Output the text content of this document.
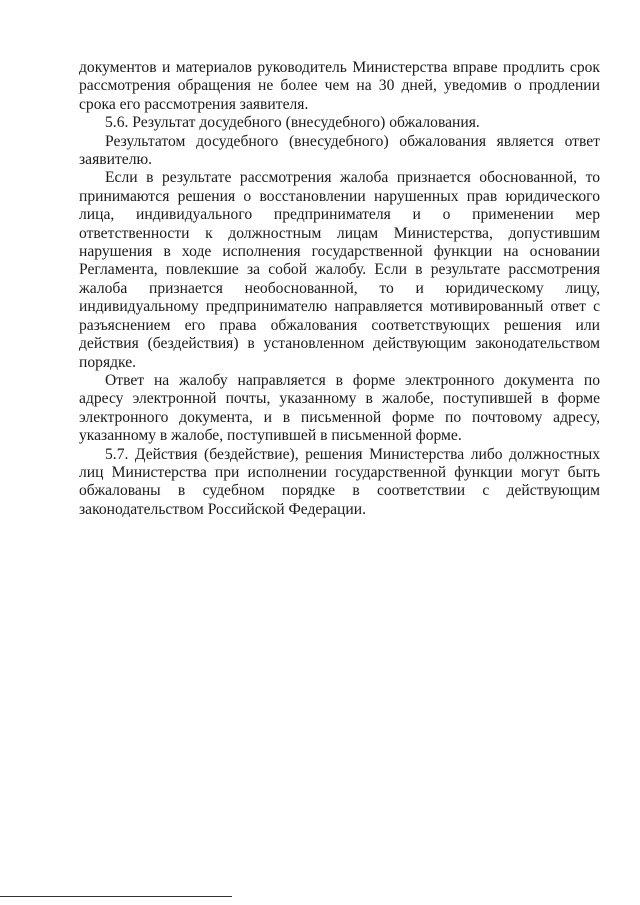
документов и материалов руководитель Министерства вправе продлить срок рассмотрения обращения не более чем на 30 дней, уведомив о продлении срока его рассмотрения заявителя.

5.6. Результат досудебного (внесудебного) обжалования.

Результатом досудебного (внесудебного) обжалования является ответ заявителю.

Если в результате рассмотрения жалоба признается обоснованной, то принимаются решения о восстановлении нарушенных прав юридического лица, индивидуального предпринимателя и о применении мер ответственности к должностным лицам Министерства, допустившим нарушения в ходе исполнения государственной функции на основании Регламента, повлекшие за собой жалобу. Если в результате рассмотрения жалоба признается необоснованной, то и юридическому лицу, индивидуальному предпринимателю направляется мотивированный ответ с разъяснением его права обжалования соответствующих решения или действия (бездействия) в установленном действующим законодательством порядке.

Ответ на жалобу направляется в форме электронного документа по адресу электронной почты, указанному в жалобе, поступившей в форме электронного документа, и в письменной форме по почтовому адресу, указанному в жалобе, поступившей в письменной форме.

5.7. Действия (бездействие), решения Министерства либо должностных лиц Министерства при исполнении государственной функции могут быть обжалованы в судебном порядке в соответствии с действующим законодательством Российской Федерации.
